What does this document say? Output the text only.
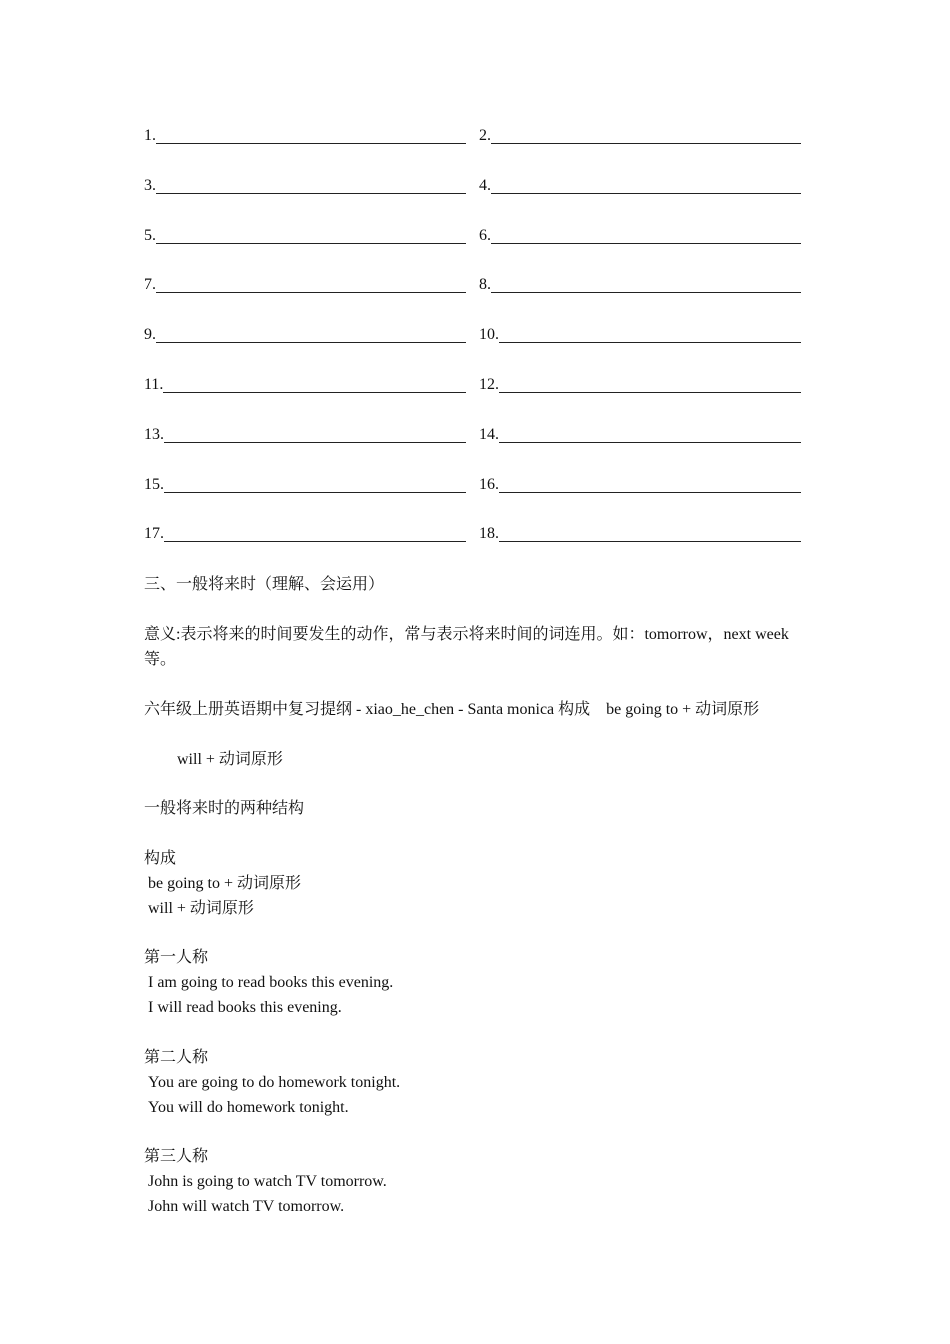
1.	2.
3.	4.
5.	6.
7.	8.
9.	10.
11.	12.
13.	14.
15.	16.
17.	18.
三、一般将来时（理解、会运用）
意义:表示将来的时间要发生的动作，常与表示将来时间的词连用。如：tomorrow，next week
等。
六年级上册英语期中复习提纲 - xiao_he_chen - Santa monica 构成　be going to + 动词原形
will + 动词原形
一般将来时的两种结构
构成
be going to + 动词原形
will + 动词原形
第一人称
I am going to read books this evening.
I will read books this evening.
第二人称
You are going to do homework tonight.
You will do homework tonight.
第三人称
John is going to watch TV tomorrow.
John will watch TV tomorrow.
